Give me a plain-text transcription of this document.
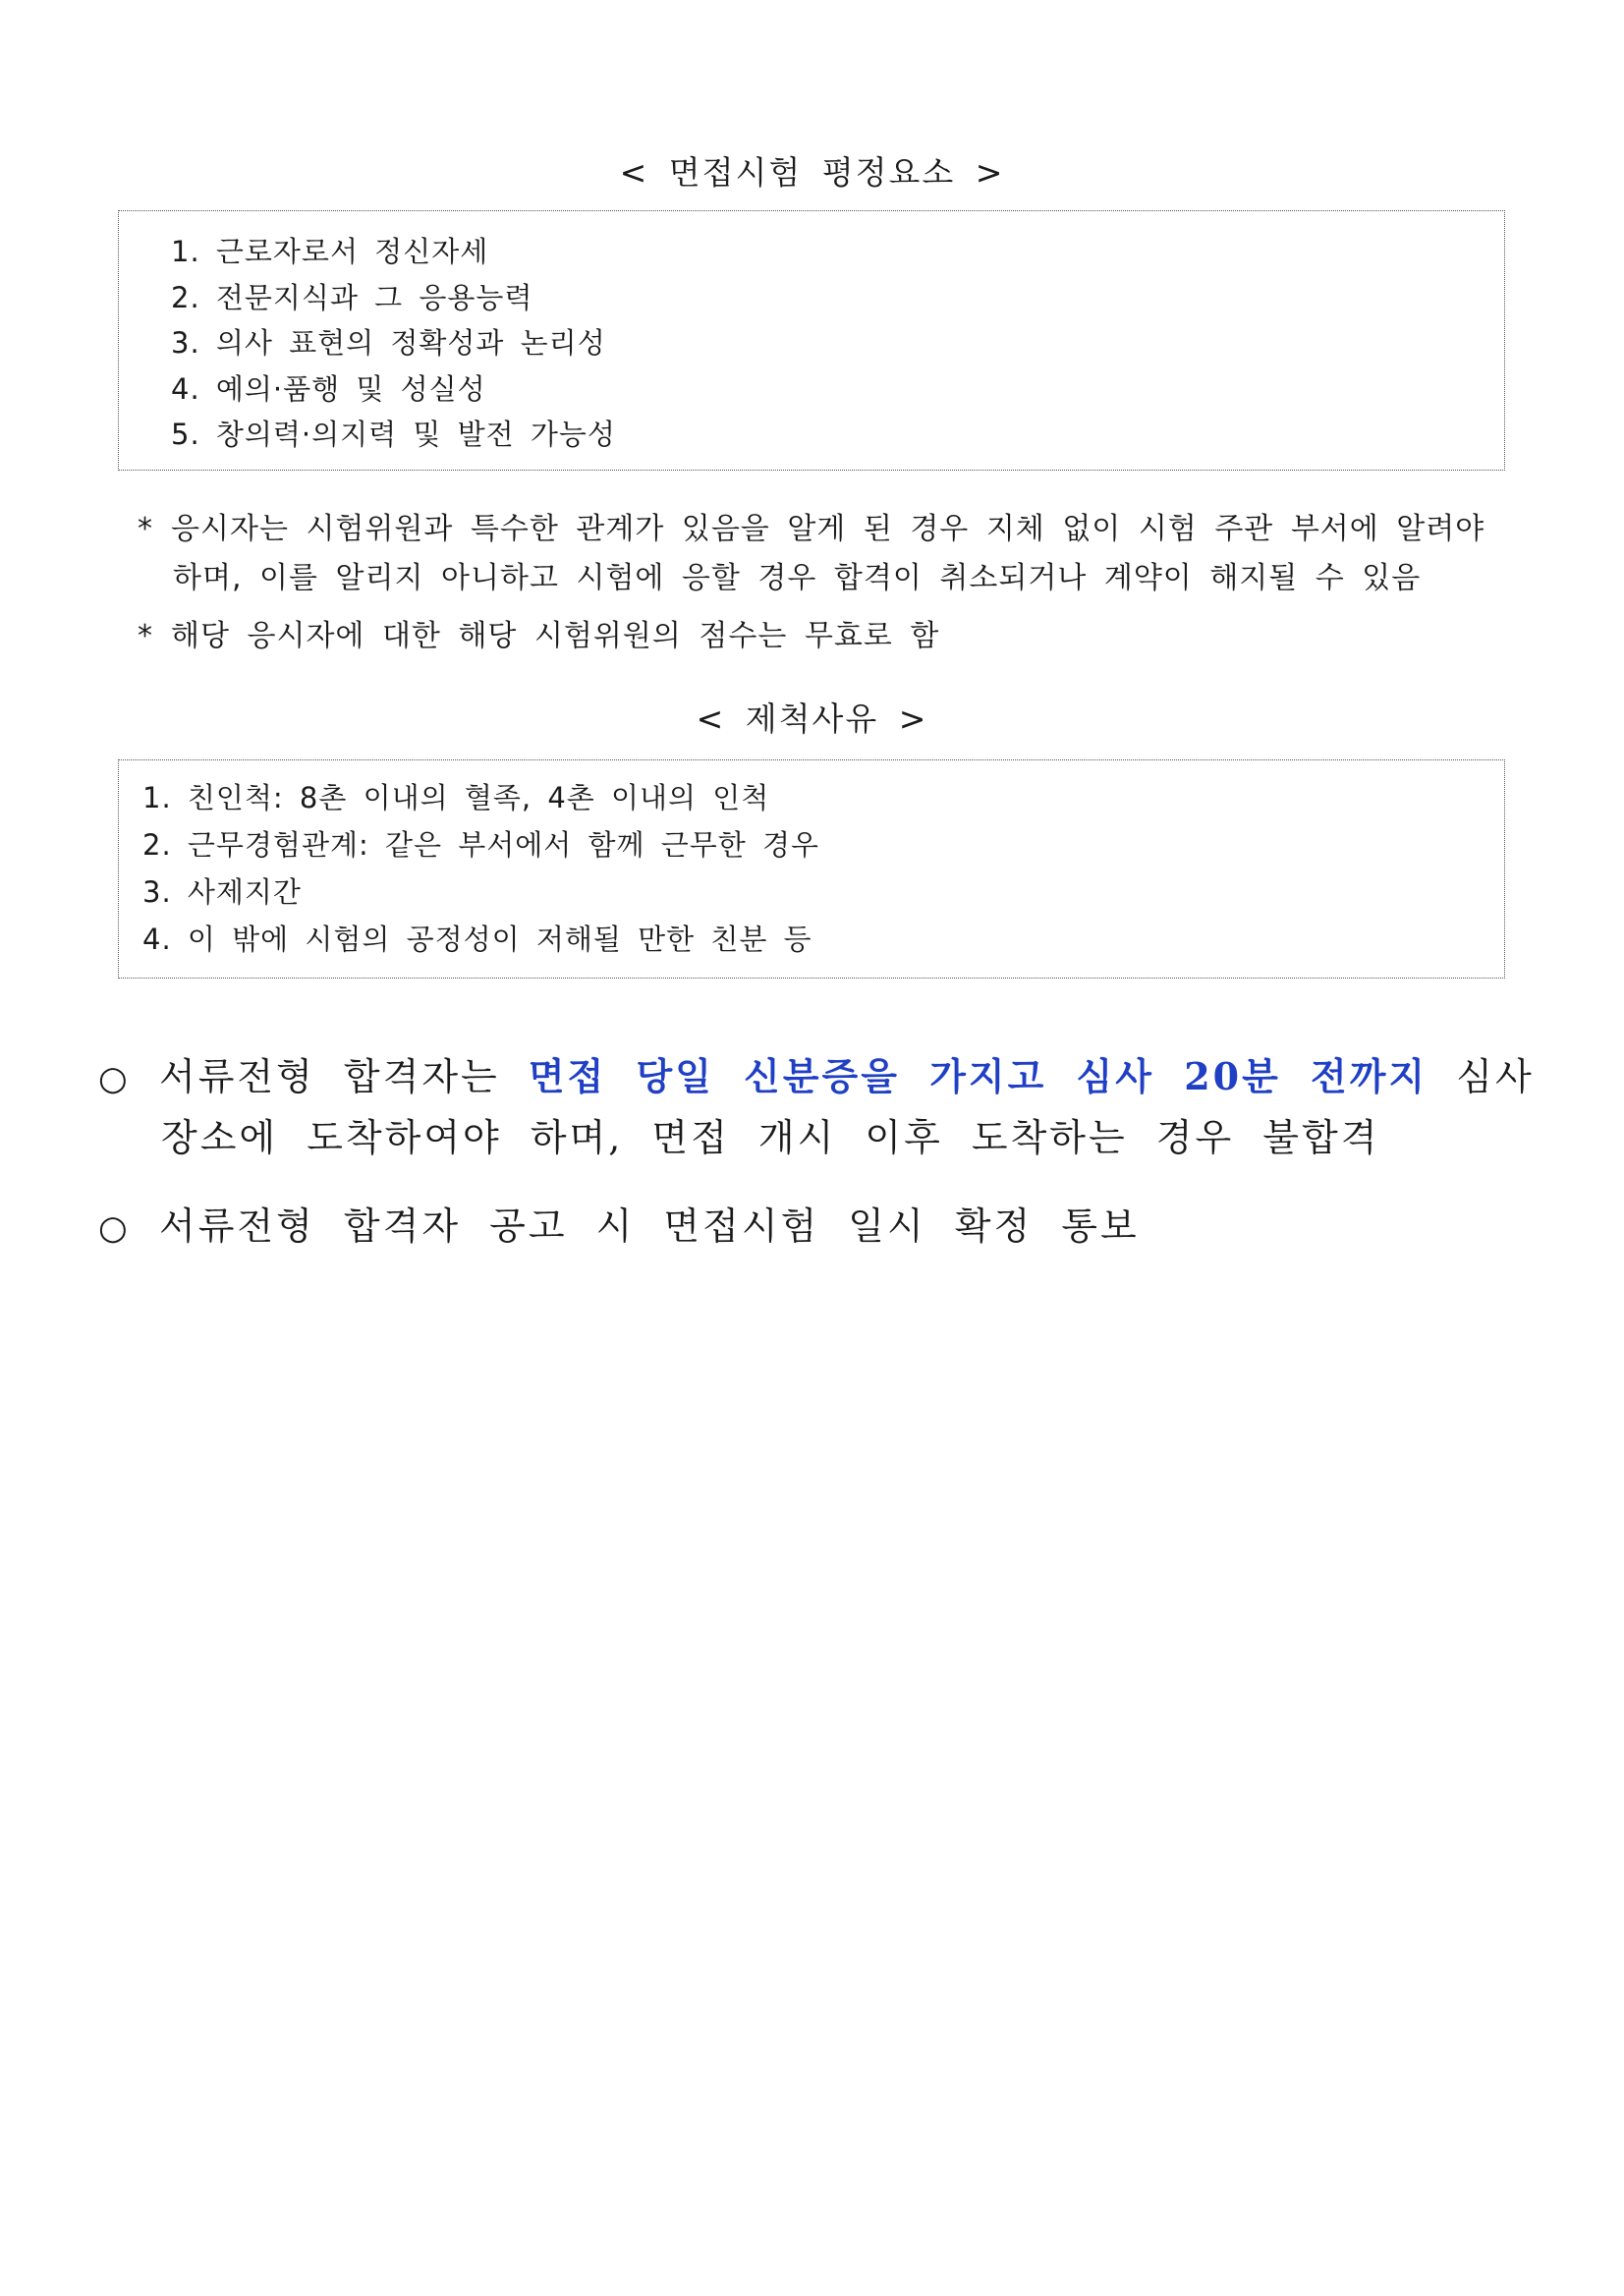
< 면접시험 평정요소 >
1. 근로자로서 정신자세
2. 전문지식과 그 응용능력
3. 의사 표현의 정확성과 논리성
4. 예의·품행 및 성실성
5. 창의력·의지력 및 발전 가능성
* 응시자는 시험위원과 특수한 관계가 있음을 알게 된 경우 지체 없이 시험 주관 부서에 알려야
하며, 이를 알리지 아니하고 시험에 응할 경우 합격이 취소되거나 계약이 해지될 수 있음
* 해당 응시자에 대한 해당 시험위원의 점수는 무효로 함
< 제척사유 >
1. 친인척: 8촌 이내의 혈족, 4촌 이내의 인척
2. 근무경험관계: 같은 부서에서 함께 근무한 경우
3. 사제지간
4. 이 밖에 시험의 공정성이 저해될 만한 친분 등
○ 서류전형 합격자는 면접 당일 신분증을 가지고 심사 20분 전까지 심사
장소에 도착하여야 하며, 면접 개시 이후 도착하는 경우 불합격
○ 서류전형 합격자 공고 시 면접시험 일시 확정 통보
